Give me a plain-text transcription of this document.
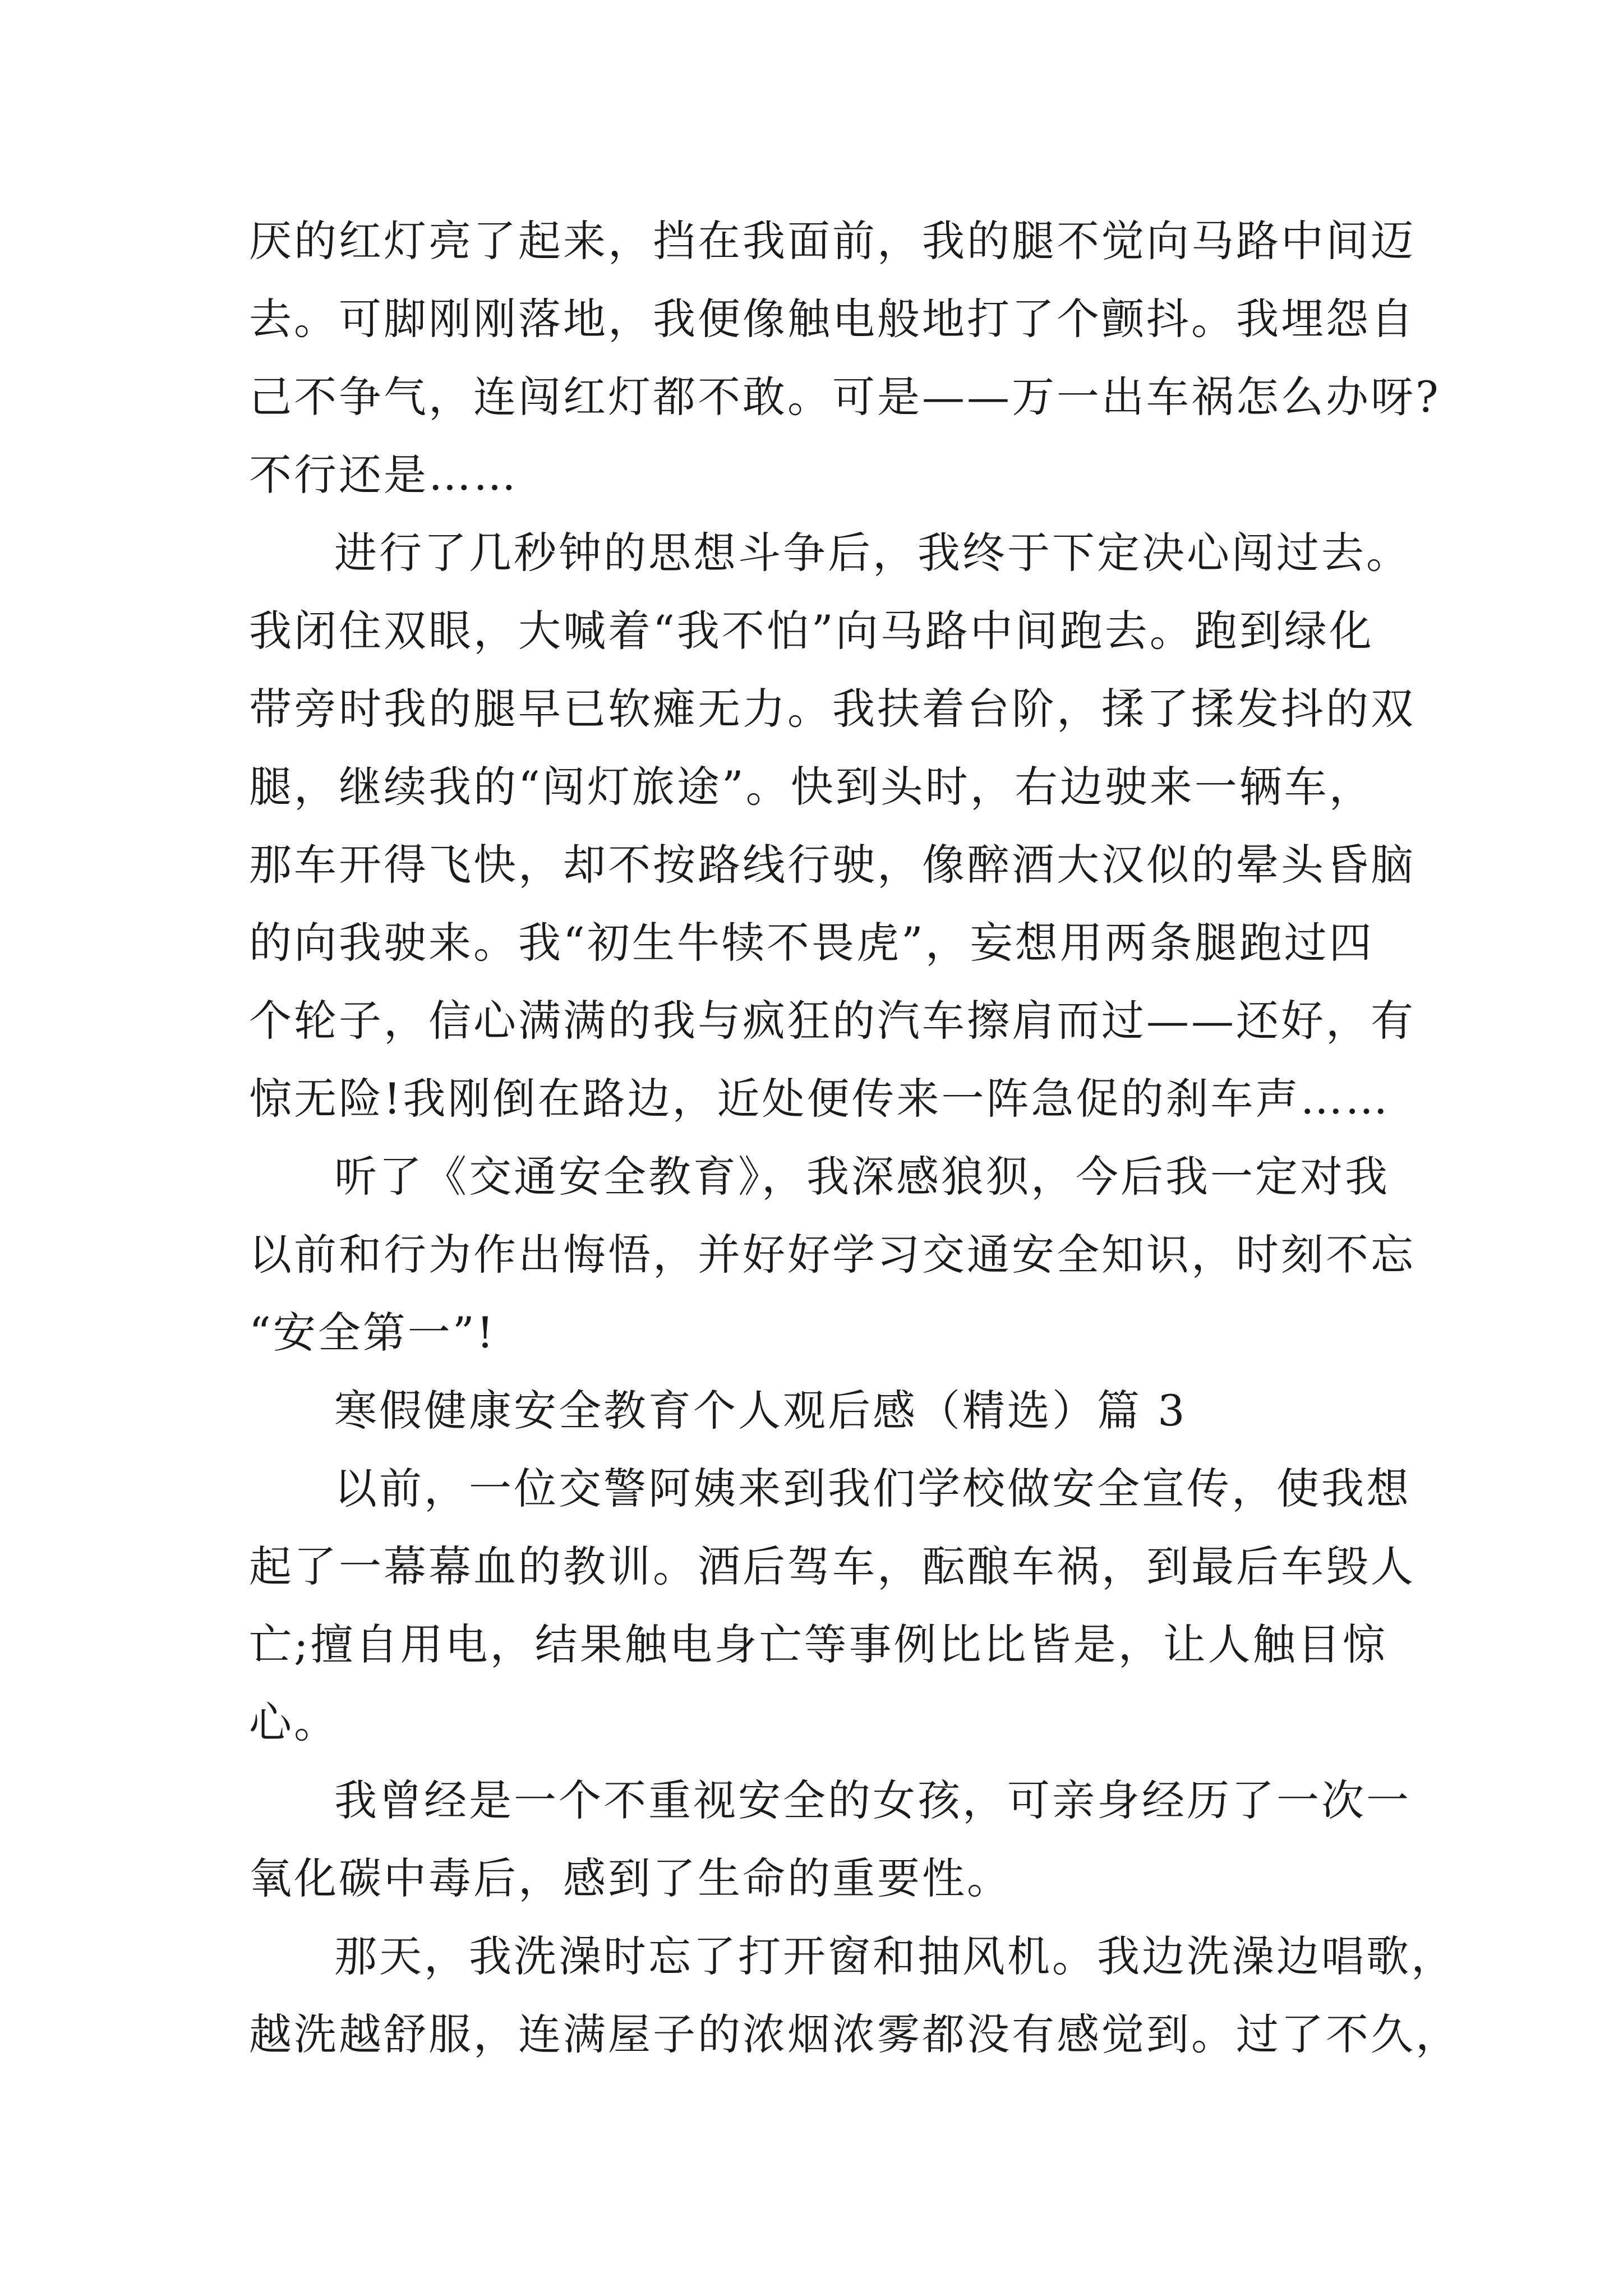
厌的红灯亮了起来，挡在我面前，我的腿不觉向马路中间迈
去。可脚刚刚落地，我便像触电般地打了个颤抖。我埋怨自
己不争气，连闯红灯都不敢。可是——万一出车祸怎么办呀?
不行还是……
进行了几秒钟的思想斗争后，我终于下定决心闯过去。
我闭住双眼，大喊着“我不怕”向马路中间跑去。跑到绿化
带旁时我的腿早已软瘫无力。我扶着台阶，揉了揉发抖的双
腿，继续我的“闯灯旅途”。快到头时，右边驶来一辆车，
那车开得飞快，却不按路线行驶，像醉酒大汉似的晕头昏脑
的向我驶来。我“初生牛犊不畏虎”，妄想用两条腿跑过四
个轮子，信心满满的我与疯狂的汽车擦肩而过——还好，有
惊无险!我刚倒在路边，近处便传来一阵急促的刹车声……
听了《交通安全教育》，我深感狼狈，今后我一定对我
以前和行为作出悔悟，并好好学习交通安全知识，时刻不忘
“安全第一”!
寒假健康安全教育个人观后感（精选）篇 3
以前，一位交警阿姨来到我们学校做安全宣传，使我想
起了一幕幕血的教训。酒后驾车，酝酿车祸，到最后车毁人
亡;擅自用电，结果触电身亡等事例比比皆是，让人触目惊
心。
我曾经是一个不重视安全的女孩，可亲身经历了一次一
氧化碳中毒后，感到了生命的重要性。
那天，我洗澡时忘了打开窗和抽风机。我边洗澡边唱歌，
越洗越舒服，连满屋子的浓烟浓雾都没有感觉到。过了不久，
